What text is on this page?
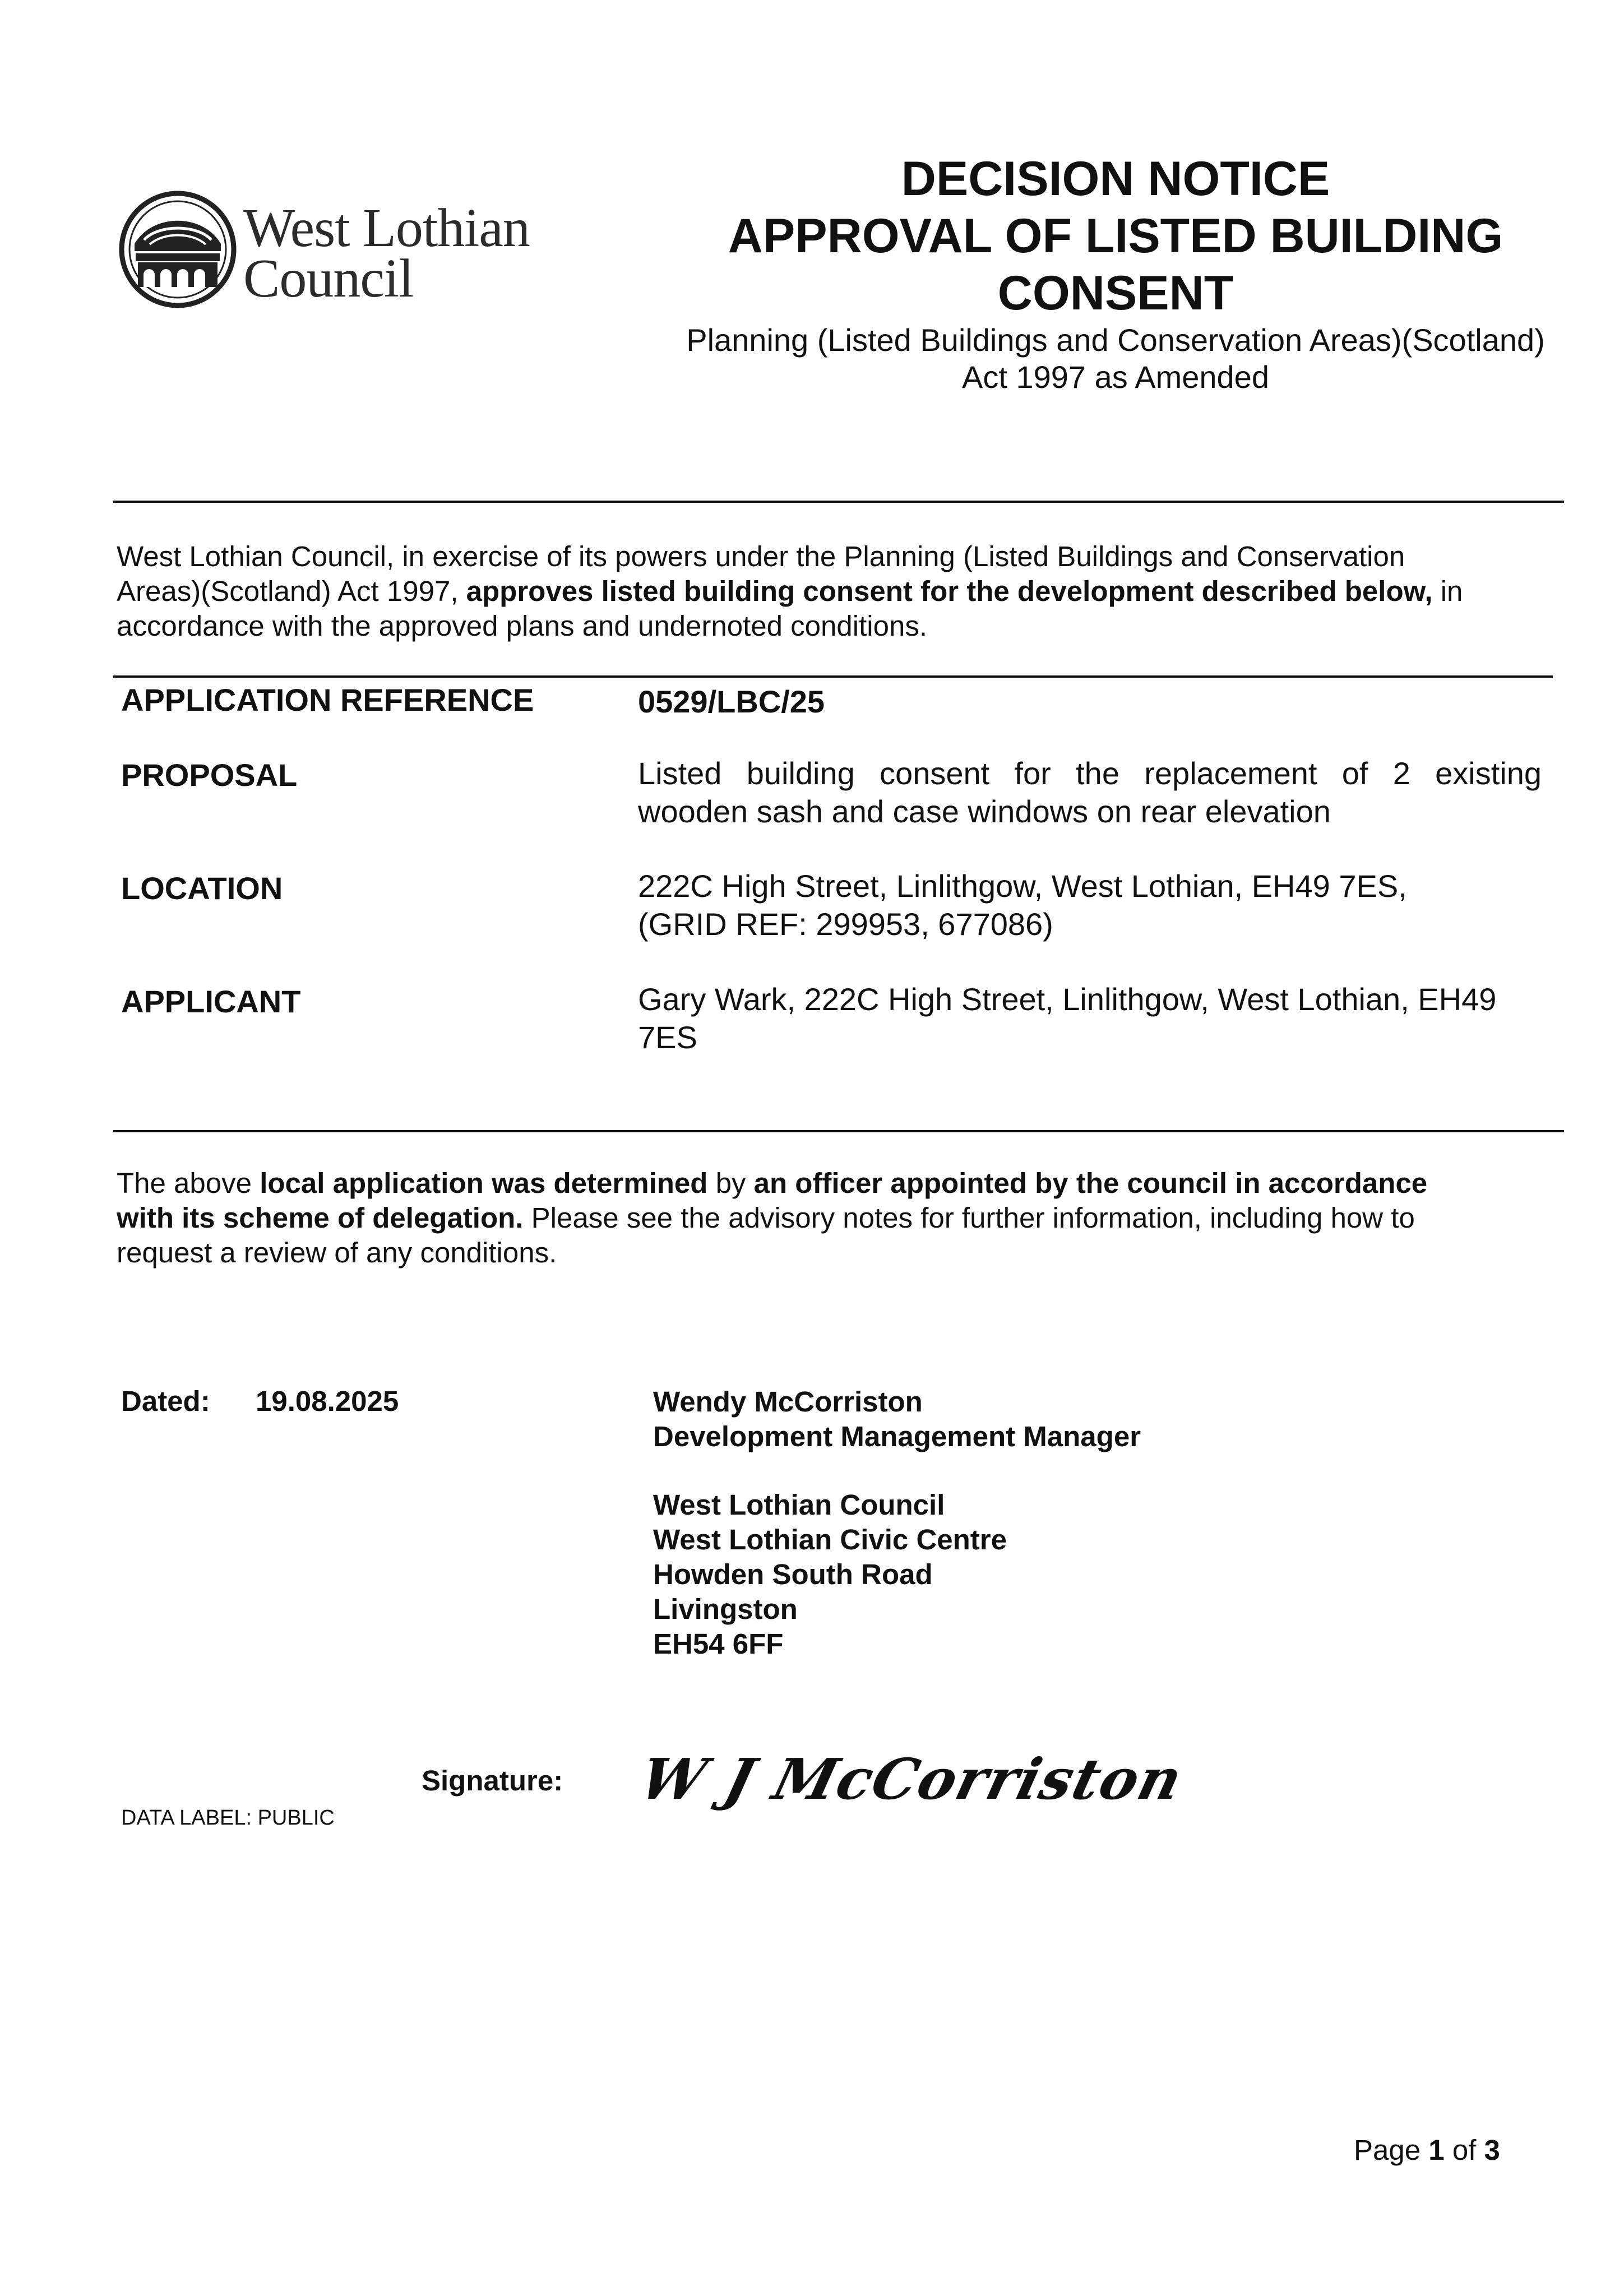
West Lothian
Council
DECISION NOTICE
APPROVAL OF LISTED BUILDING
CONSENT
Planning (Listed Buildings and Conservation Areas)(Scotland)
Act 1997 as Amended
West Lothian Council, in exercise of its powers under the Planning (Listed Buildings and Conservation
Areas)(Scotland) Act 1997, approves listed building consent for the development described below, in
accordance with the approved plans and undernoted conditions.
APPLICATION REFERENCE	0529/LBC/25
PROPOSAL	Listed building consent for the replacement of 2 existing
wooden sash and case windows on rear elevation
LOCATION	222C High Street, Linlithgow, West Lothian, EH49 7ES,
(GRID REF: 299953, 677086)
APPLICANT	Gary Wark, 222C High Street, Linlithgow, West Lothian, EH49
7ES
The above local application was determined by an officer appointed by the council in accordance
with its scheme of delegation. Please see the advisory notes for further information, including how to
request a review of any conditions.
Dated: 19.08.2025	Wendy McCorriston
Development Management Manager
West Lothian Council
West Lothian Civic Centre
Howden South Road
Livingston
EH54 6FF
Signature: W J McCorriston
DATA LABEL: PUBLIC
Page 1 of 3
